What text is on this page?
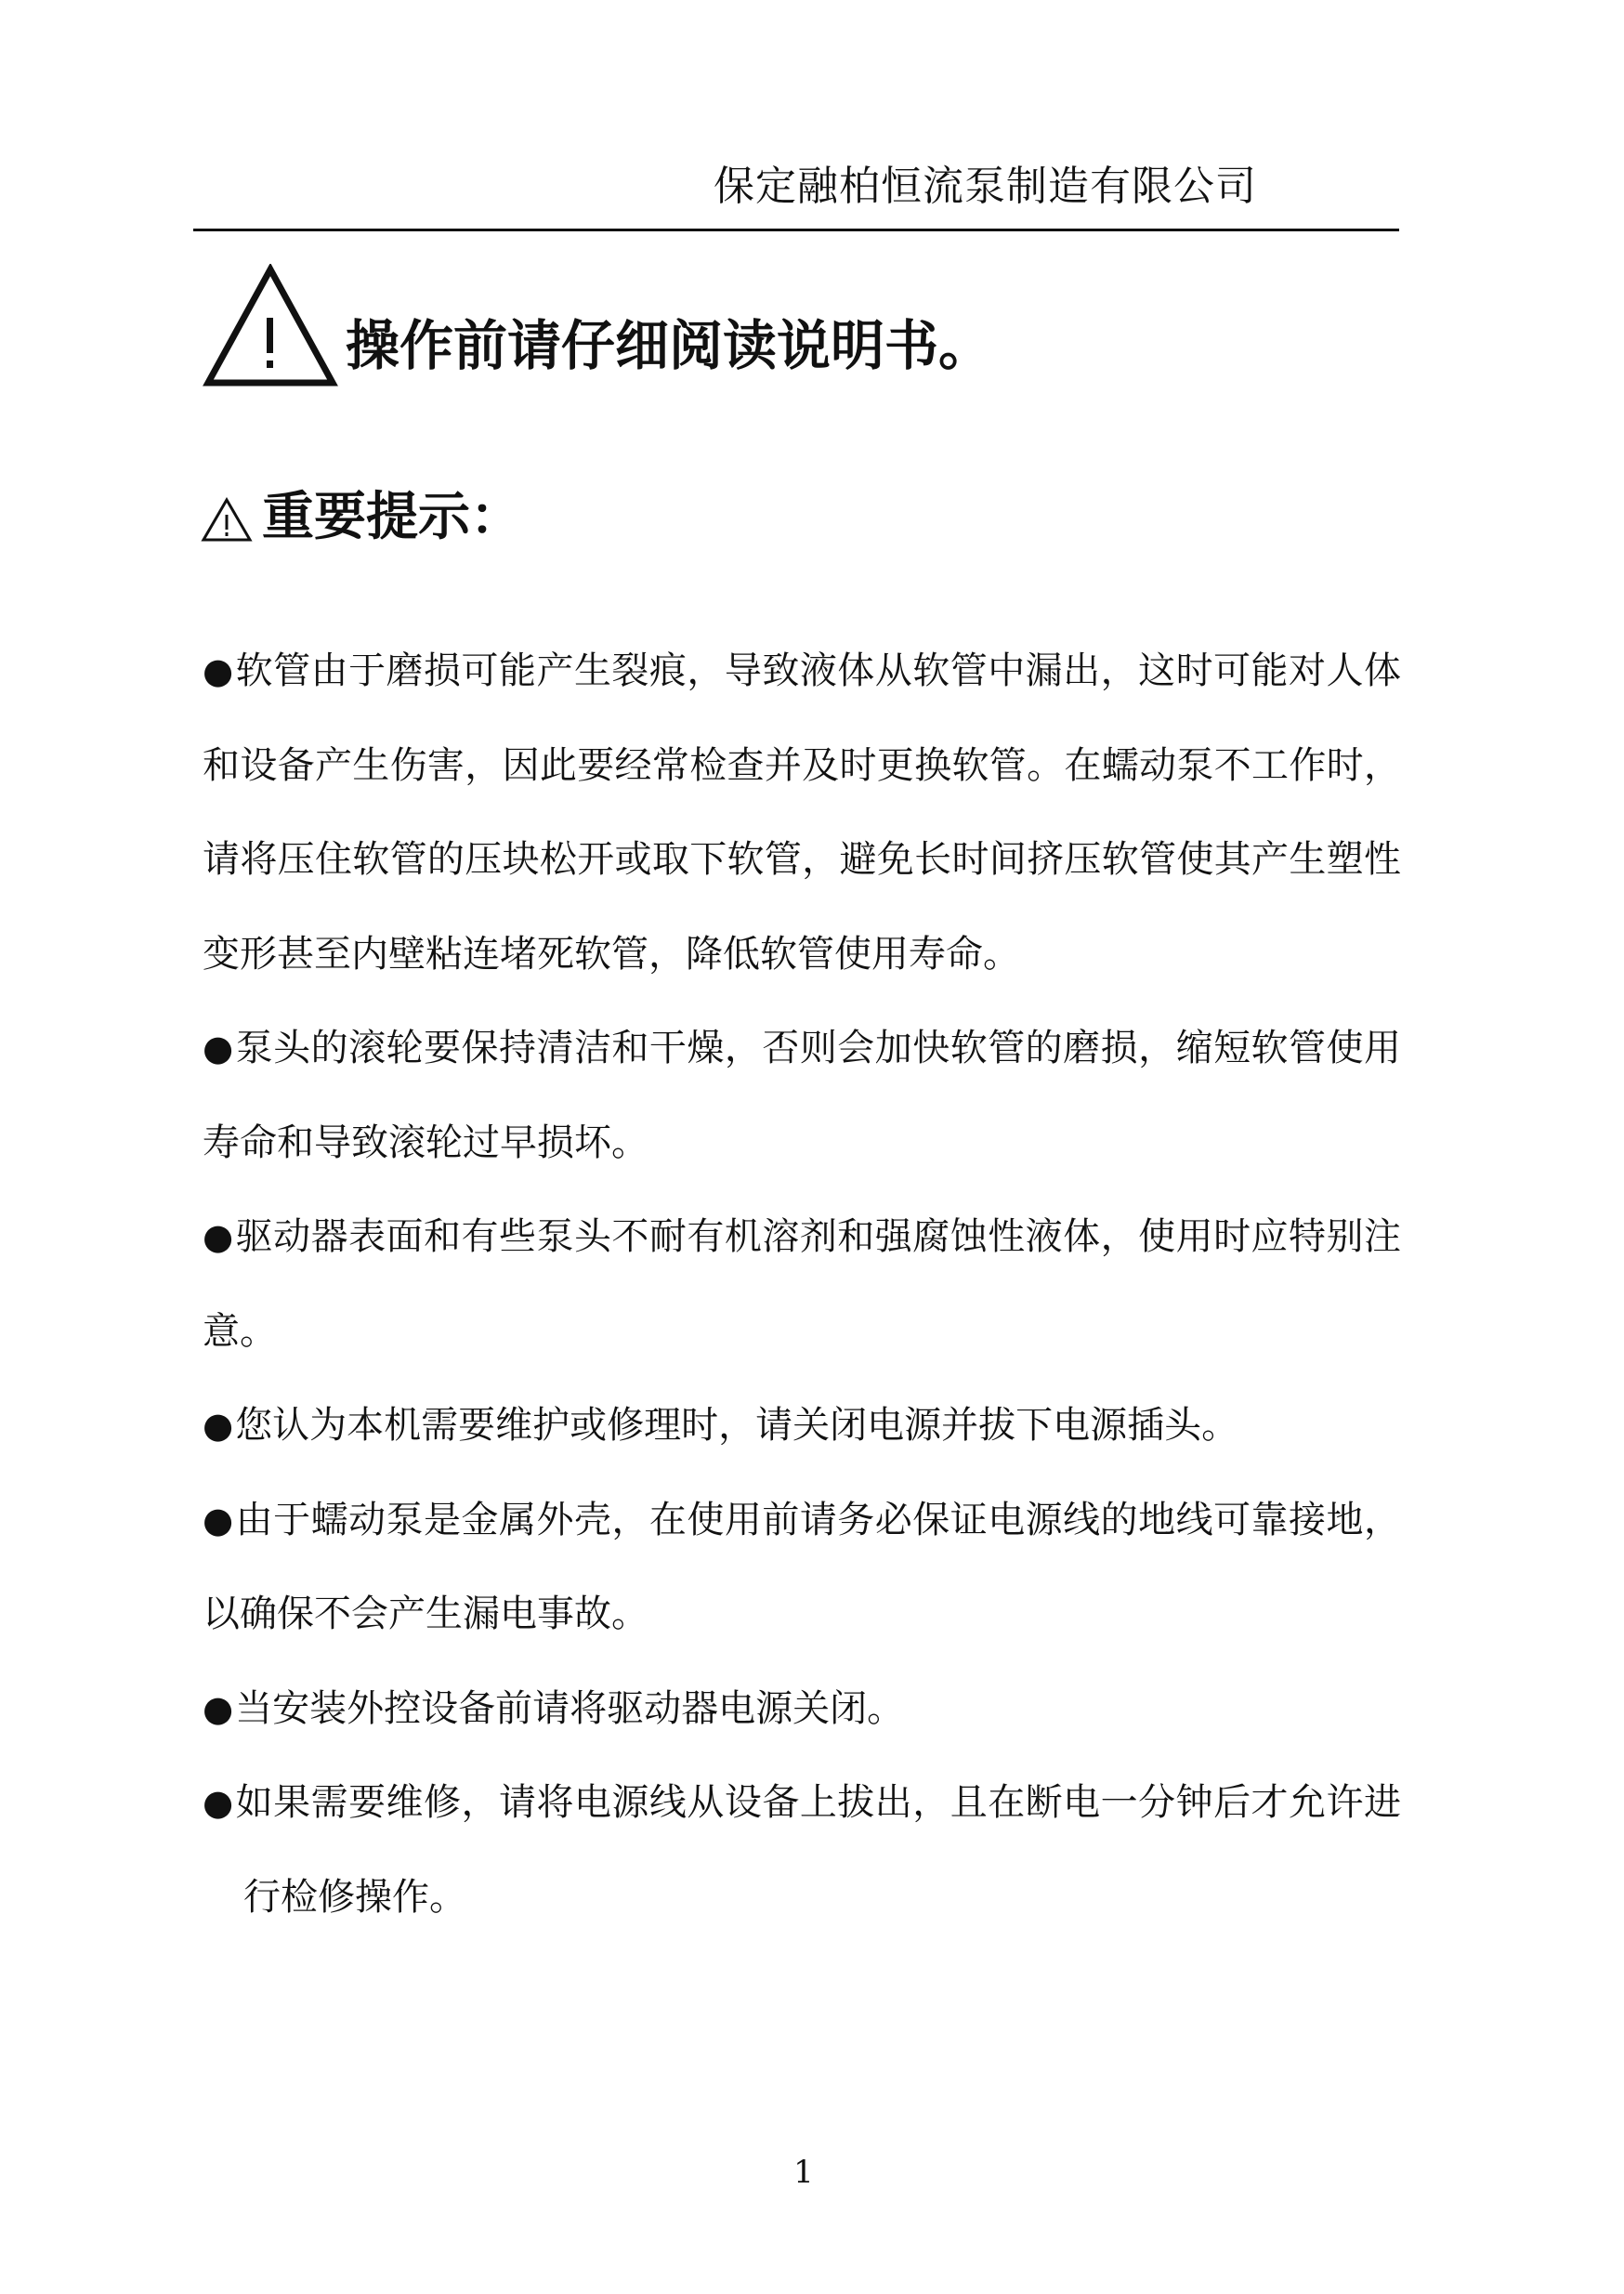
保定融柏恒流泵制造有限公司
操作前请仔细阅读说明书。
重要提示：
●软管由于磨损可能产生裂痕，导致液体从软管中漏出，这时可能对人体和设备产生伤害，因此要经常检查并及时更换软管。在蠕动泵不工作时，请将压住软管的压块松开或取下软管，避免长时间挤压软管使其产生塑性变形甚至内壁粘连堵死软管，降低软管使用寿命。
●泵头的滚轮要保持清洁和干燥，否则会加快软管的磨损，缩短软管使用寿命和导致滚轮过早损坏。
●驱动器表面和有些泵头不耐有机溶剂和强腐蚀性液体，使用时应特别注意。
●您认为本机需要维护或修理时，请关闭电源并拔下电源插头。
●由于蠕动泵是金属外壳，在使用前请务必保证电源线的地线可靠接地，以确保不会产生漏电事故。
●当安装外控设备前请将驱动器电源关闭。
●如果需要维修，请将电源线从设备上拔出，且在断电一分钟后才允许进行检修操作。
1
